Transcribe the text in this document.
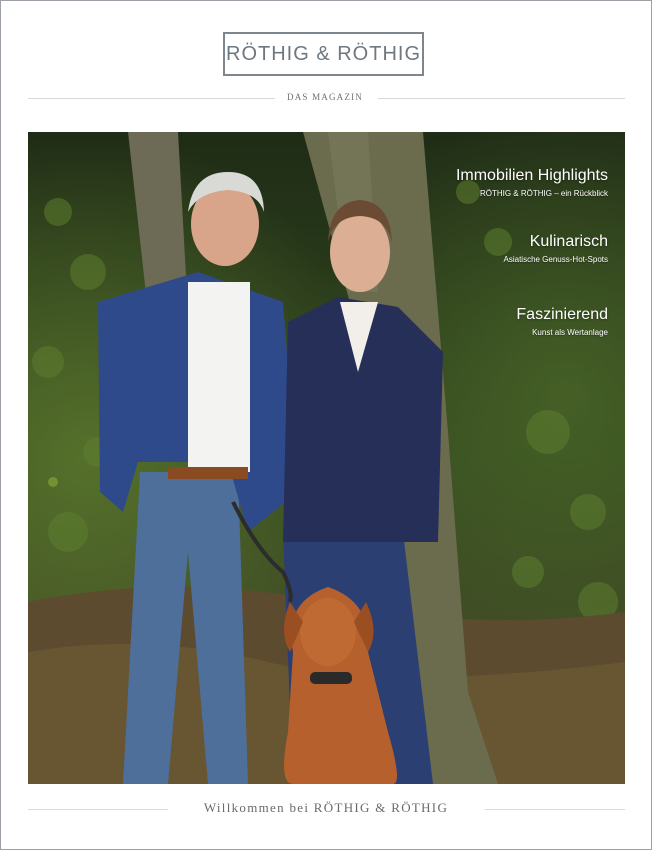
RÖTHIG & RÖTHIG
DAS MAGAZIN
Immobilien Highlights
RÖTHIG & RÖTHIG – ein Rückblick
Kulinarisch
Asiatische Genuss-Hot-Spots
Faszinierend
Kunst als Wertanlage
Willkommen bei RÖTHIG & RÖTHIG
